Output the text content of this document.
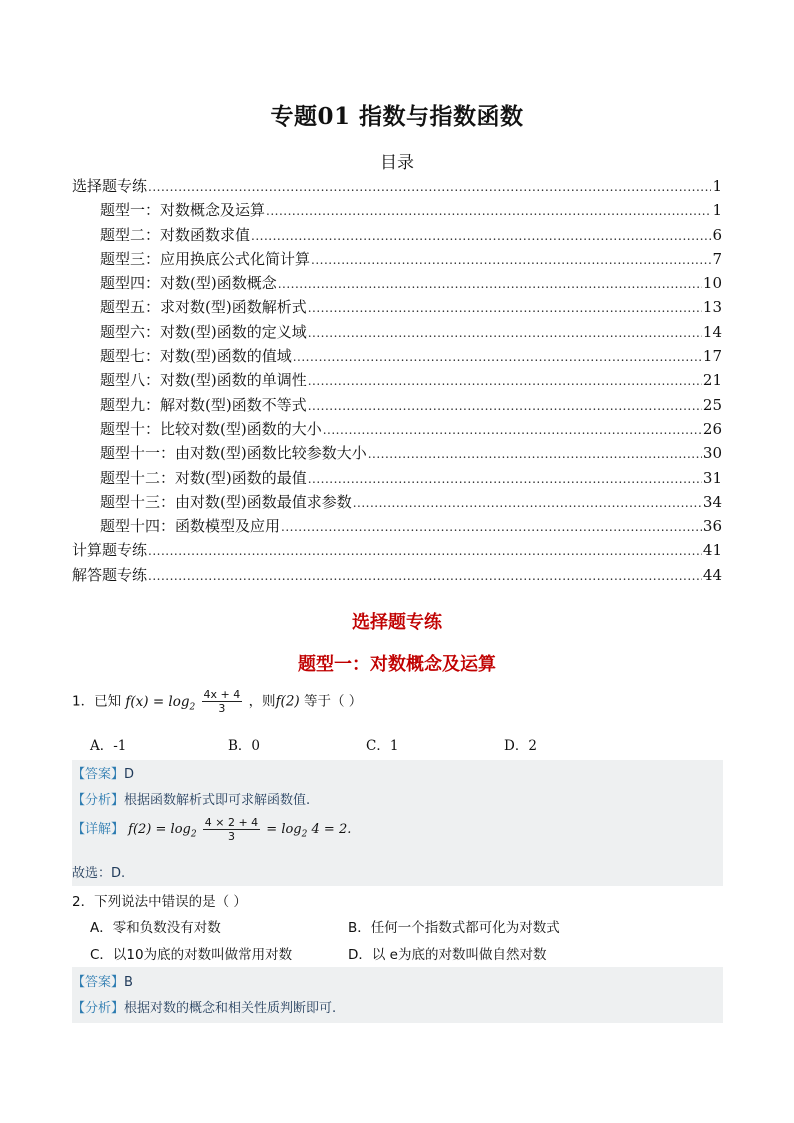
专题01 指数与指数函数
目录
选择题专练 .....	1
题型一：对数概念及运算 .....	1
题型二：对数函数求值 .....	6
题型三：应用换底公式化简计算 .....	7
题型四：对数(型)函数概念 .....	10
题型五：求对数(型)函数解析式 .....	13
题型六：对数(型)函数的定义域 .....	14
题型七：对数(型)函数的值域 .....	17
题型八：对数(型)函数的单调性 .....	21
题型九：解对数(型)函数不等式 .....	25
题型十：比较对数(型)函数的大小 .....	26
题型十一：由对数(型)函数比较参数大小 .....	30
题型十二：对数(型)函数的最值 .....	31
题型十三：由对数(型)函数最值求参数 .....	34
题型十四：函数模型及应用 .....	36
计算题专练 .....	41
解答题专练 .....	44
选择题专练
题型一：对数概念及运算
1．已知 $f(x) = \log_2 \frac{4x + 4}{3}$ ，则f(2) 等于（ ）
A．-1	B．0	C．1	D．2
【答案】D
【分析】根据函数解析式即可求解函数值.
【详解】 $f(2) = \log_2 \frac{4 \times 2 + 4}{3} = \log_2 4 = 2$.
故选：D.
2．下列说法中错误的是（ ）
A．零和负数没有对数	B．任何一个指数式都可化为对数式
C．以10为底的对数叫做常用对数	D．以 e为底的对数叫做自然对数
【答案】B
【分析】根据对数的概念和相关性质判断即可.
